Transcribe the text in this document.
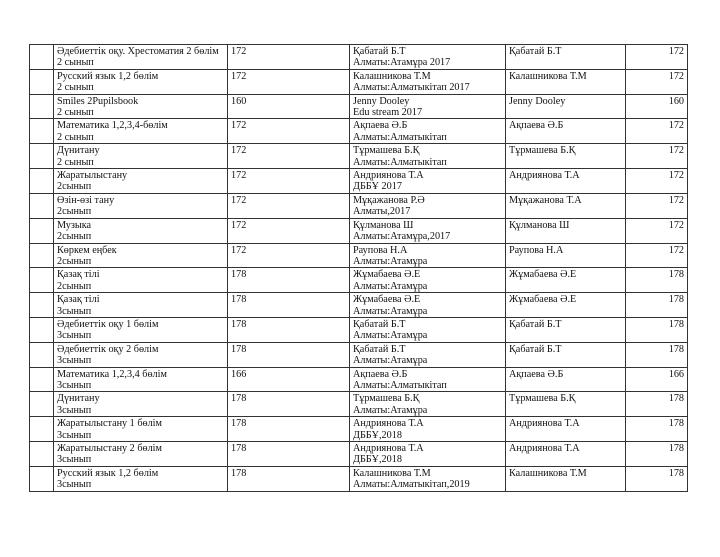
	Әдебиеттік оқу. Хрестоматия 2 бөлім
2 сынып	172	Қабатай Б.Т
Алматы:Атамұра 2017	Қабатай Б.Т	172

	Русский язык 1,2 бөлім
2 сынып	172	Калашникова Т.М
Алматы:Алматыкітап 2017	Калашникова Т.М	172

	Smiles 2Pupilsbook
2 сынып	160	Jenny Dooley
Edu stream 2017	Jenny Dooley	160

	Математика 1,2,3,4-бөлім
2 сынып	172	Ақпаева Ә.Б
Алматы:Алматыкітап	Ақпаева Ә.Б	172

	Дүнитану
2 сынып	172	Тұрмашева Б.Қ
Алматы:Алматыкітап	Тұрмашева Б.Қ	172

	Жаратылыстану
2сынып	172	Андриянова Т.А
ДББҰ 2017	Андриянова Т.А	172

	Өзін-өзі тану
2сынып	172	Мұқажанова Р.Ә
Алматы,2017	Мұқажанова Т.А	172

	Музыка
2сынып	172	Құлманова Ш
Алматы:Атамұра,2017	Құлманова Ш	172

	Көркем еңбек
2сынып	172	Раупова Н.А
Алматы:Атамұра	Раупова Н.А	172

	Қазақ тілі
2сынып	178	Жұмабаева Ә.Е
Алматы:Атамұра	Жұмабаева Ә.Е	178

	Қазақ тілі
3сынып	178	Жұмабаева Ә.Е
Алматы:Атамұра	Жұмабаева Ә.Е	178

	Әдебиеттік оқу 1 бөлім
3сынып	178	Қабатай Б.Т
Алматы:Атамұра	Қабатай Б.Т	178

	Әдебиеттік оқу 2 бөлім
3сынып	178	Қабатай Б.Т
Алматы:Атамұра	Қабатай Б.Т	178

	Математика 1,2,3,4 бөлім
3сынып	166	Ақпаева Ә.Б
Алматы:Алматыкітап	Ақпаева Ә.Б	166

	Дүнитану
3сынып	178	Тұрмашева Б.Қ
Алматы:Атамұра	Тұрмашева Б.Қ	178

	Жаратылыстану 1 бөлім
3сынып	178	Андриянова Т.А
ДББҰ,2018	Андриянова Т.А	178

	Жаратылыстану 2 бөлім
3сынып	178	Андриянова Т.А
ДББҰ,2018	Андриянова Т.А	178

	Русский язык 1,2 бөлім
3сынып	178	Калашникова Т.М
Алматы:Алматыкітап,2019	Калашникова Т.М	178
